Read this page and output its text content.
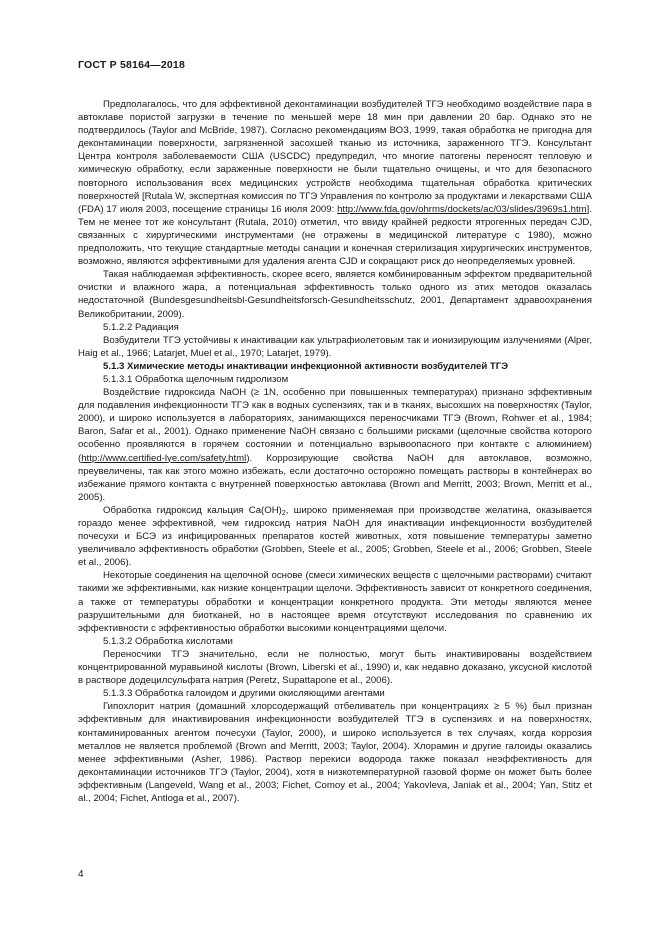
ГОСТ Р 58164—2018

Предполагалось, что для эффективной деконтаминации возбудителей ТГЭ необходимо воздействие пара в автоклаве пористой загрузки в течение по меньшей мере 18 мин при давлении 20 бар. Однако это не подтвердилось (Taylor and McBride, 1987). Согласно рекомендациям ВОЗ, 1999, такая обработка не пригодна для деконтаминации поверхности, загрязненной засохшей тканью из источника, зараженного ТГЭ. Консультант Центра контроля заболеваемости США (USCDC) предупредил, что многие патогены переносят тепловую и химическую обработку, если зараженные поверхности не были тщательно очищены, и что для безопасного повторного использования всех медицинских устройств необходима тщательная обработка критических поверхностей [Rutala W, экспертная комиссия по ТГЭ Управления по контролю за продуктами и лекарствами США (FDA) 17 июля 2003, посещение страницы 16 июля 2009: http://www.fda.gov/ohrms/dockets/ac/03/slides/3969s1.htm]. Тем не менее тот же консультант (Rutala, 2010) отметил, что ввиду крайней редкости ятрогенных передач CJD, связанных с хирургическими инструментами (не отражены в медицинской литературе с 1980), можно предположить, что текущие стандартные методы санации и конечная стерилизация хирургических инструментов, возможно, являются эффективными для удаления агента CJD и сокращают риск до неопределяемых уровней.

Такая наблюдаемая эффективность, скорее всего, является комбинированным эффектом предварительной очистки и влажного жара, а потенциальная эффективность только одного из этих методов оказалась недостаточной (Bundesgesundheitsbl-Gesundheitsforsch-Gesundheitsschutz, 2001, Департамент здравоохранения Великобритании, 2009).

5.1.2.2 Радиация

Возбудители ТГЭ устойчивы к инактивации как ультрафиолетовым так и ионизирующим излучениями (Alper, Haig et al., 1966; Latarjet, Muel et al., 1970; Latarjet, 1979).

5.1.3 Химические методы инактивации инфекционной активности возбудителей ТГЭ

5.1.3.1 Обработка щелочным гидролизом

Воздействие гидроксида NaOH (≥ 1N, особенно при повышенных температурах) признано эффективным для подавления инфекционности ТГЭ как в водных суспензиях, так и в тканях, высохших на поверхностях (Taylor, 2000), и широко используется в лабораториях, занимающихся переносчиками ТГЭ (Brown, Rohwer et al., 1984; Baron, Safar et al., 2001). Однако применение NaOH связано с большими рисками (щелочные свойства которого особенно проявляются в горячем состоянии и потенциально взрывоопасного при контакте с алюминием) (http://www.certified-lye.com/safety.html). Коррозирующие свойства NaOH для автоклавов, возможно, преувеличены, так как этого можно избежать, если достаточно осторожно помещать растворы в контейнерах во избежание прямого контакта с внутренней поверхностью автоклава (Brown and Merritt, 2003; Brown, Merritt et al., 2005).

Обработка гидроксид кальция $Ca(OH)_2$, широко применяемая при производстве желатина, оказывается гораздо менее эффективной, чем гидроксид натрия NaOH для инактивации инфекционности возбудителей почесухи и БСЭ из инфицированных препаратов костей животных, хотя повышение температуры заметно увеличивало эффективность обработки (Grobben, Steele et al., 2005; Grobben, Steele et al., 2006; Grobben, Steele et al., 2006).

Некоторые соединения на щелочной основе (смеси химических веществ с щелочными растворами) считают такими же эффективными, как низкие концентрации щелочи. Эффективность зависит от конкретного соединения, а также от температуры обработки и концентрации конкретного продукта. Эти методы являются менее разрушительными для биотканей, но в настоящее время отсутствуют исследования по сравнению их эффективности с эффективностью обработки высокими концентрациями щелочи.

5.1.3.2 Обработка кислотами

Переносчики ТГЭ значительно, если не полностью, могут быть инактивированы воздействием концентрированной муравьиной кислоты (Brown, Liberski et al., 1990) и, как недавно доказано, уксусной кислотой в растворе додецилсульфата натрия (Peretz, Supattapone et al., 2006).

5.1.3.3 Обработка галоидом и другими окисляющими агентами

Гипохлорит натрия (домашний хлорсодержащий отбеливатель при концентрациях ≥ 5 %) был признан эффективным для инактивирования инфекционности возбудителей ТГЭ в суспензиях и на поверхностях, контаминированных агентом почесухи (Taylor, 2000), и широко используется в тех случаях, когда коррозия металлов не является проблемой (Brown and Merritt, 2003; Taylor, 2004). Хлорамин и другие галоиды оказались менее эффективными (Asher, 1986). Раствор перекиси водорода также показал неэффективность для деконтаминации источников ТГЭ (Taylor, 2004), хотя в низкотемпературной газовой форме он может быть более эффективным (Langeveld, Wang et al., 2003; Fichet, Comoy et al., 2004; Yakovleva, Janiak et al., 2004; Yan, Stitz et al., 2004; Fichet, Antloga et al., 2007).

4
